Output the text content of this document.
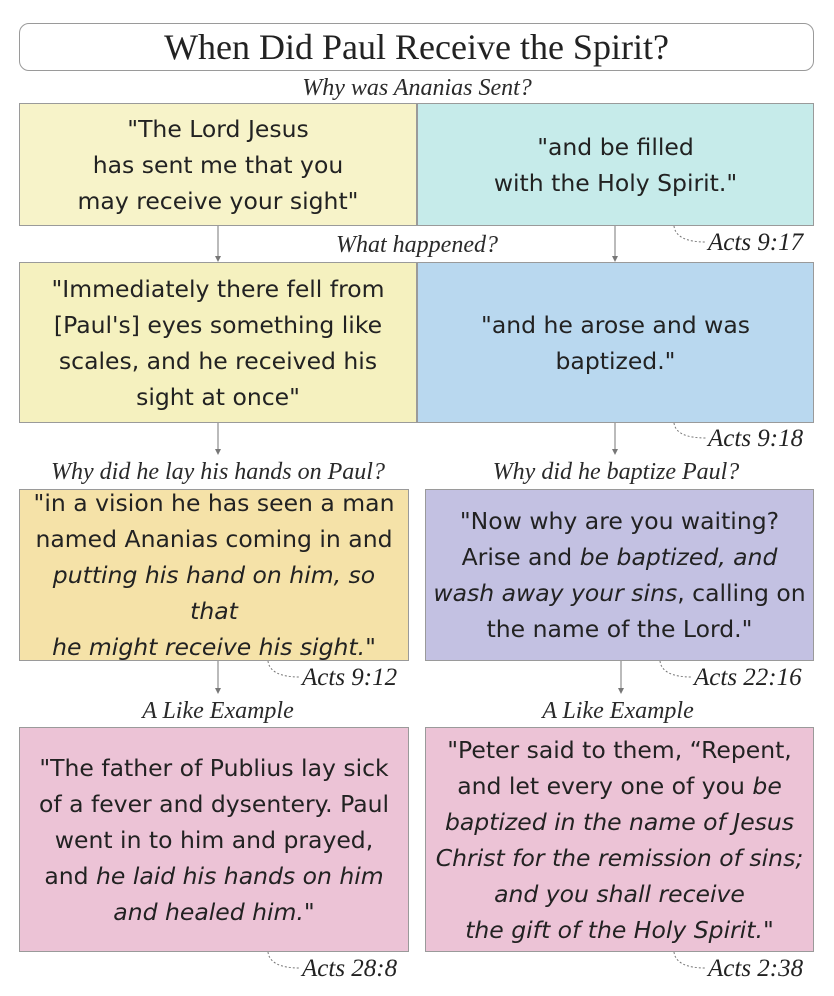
When Did Paul Receive the Spirit?
Why was Ananias Sent?
What happened?
Why did he lay his hands on Paul?	Why did he baptize Paul?
A Like Example	A Like Example
"The Lord Jesus
has sent me that you
may receive your sight"
"and be filled
with the Holy Spirit."
Acts 9:17
"Immediately there fell from
[Paul's] eyes something like
scales, and he received his
sight at once"
"and he arose and was
baptized."
Acts 9:18
"in a vision he has seen a man
named Ananias coming in and
putting his hand on him, so that
he might receive his sight."
"Now why are you waiting?
Arise and be baptized, and
wash away your sins, calling on
the name of the Lord."
Acts 9:12	Acts 22:16
"The father of Publius lay sick
of a fever and dysentery. Paul
went in to him and prayed,
and he laid his hands on him
and healed him."
"Peter said to them, “Repent,
and let every one of you be
baptized in the name of Jesus
Christ for the remission of sins;
and you shall receive
the gift of the Holy Spirit."
Acts 28:8	Acts 2:38
